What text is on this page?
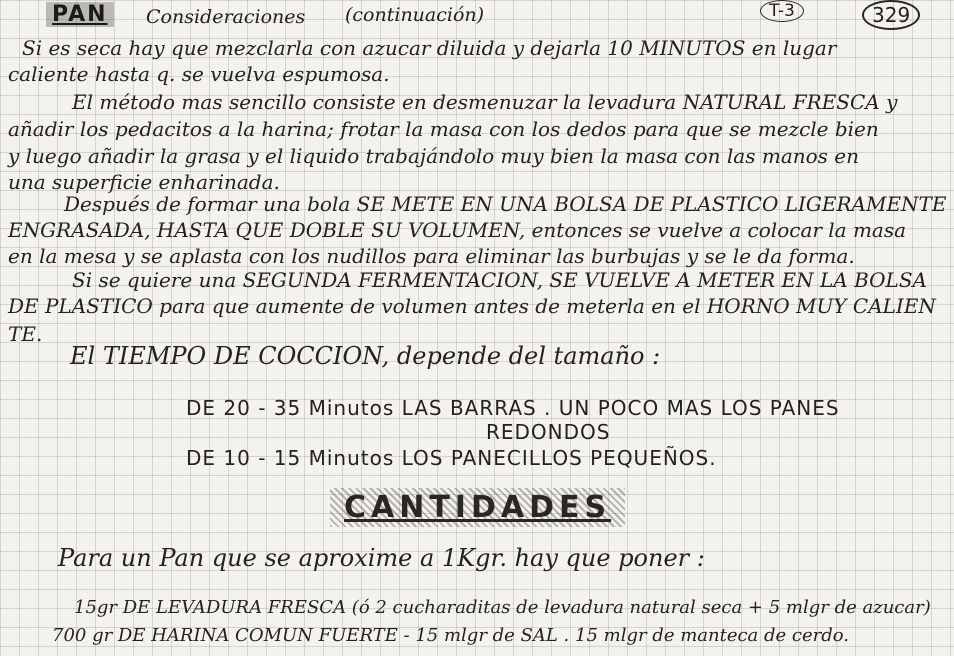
PAN	Consideraciones (continuación)	T-3	329
Si es seca hay que mezclarla con azucar diluida y dejarla 10 MINUTOS en lugar
caliente hasta q. se vuelva espumosa.
El método mas sencillo consiste en desmenuzar la levadura NATURAL FRESCA y
añadir los pedacitos a la harina; frotar la masa con los dedos para que se mezcle bien
y luego añadir la grasa y el liquido trabajándolo muy bien la masa con las manos en
una superficie enharinada.
Después de formar una bola SE METE EN UNA BOLSA DE PLASTICO LIGERAMENTE
ENGRASADA, HASTA QUE DOBLE SU VOLUMEN, entonces se vuelve a colocar la masa
en la mesa y se aplasta con los nudillos para eliminar las burbujas y se le da forma.
Si se quiere una SEGUNDA FERMENTACION, SE VUELVE A METER EN LA BOLSA
DE PLASTICO para que aumente de volumen antes de meterla en el HORNO MUY CALIEN
TE.
El TIEMPO DE COCCION, depende del tamaño :
DE 20 - 35 Minutos LAS BARRAS . UN POCO MAS LOS PANES
REDONDOS
DE 10 - 15 Minutos LOS PANECILLOS PEQUEÑOS.
CANTIDADES
Para un Pan que se aproxime a 1Kgr. hay que poner :
15gr DE LEVADURA FRESCA (ó 2 cucharaditas de levadura natural seca + 5 mlgr de azucar)
700 gr DE HARINA COMUN FUERTE - 15 mlgr de SAL . 15 mlgr de manteca de cerdo.
